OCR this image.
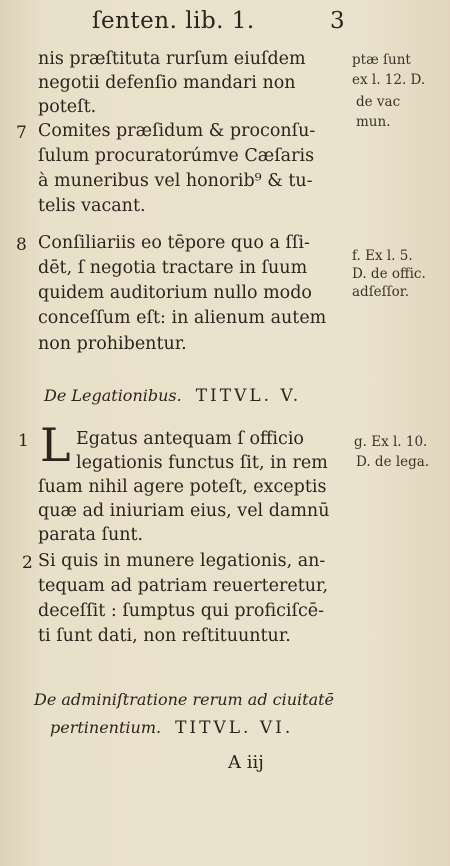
ſenten. lib. 1.	3
nis præſtituta rurſum eiuſdem
negotii defenſio mandari non
poteſt.
Comites præſidum & proconſu-
ſulum procuratorúmve Cæſaris
à muneribus vel honorib⁹ & tu-
telis vacant.
Conſiliariis eo tēpore quo a ſſi-
dēt, ſ negotia tractare in ſuum
quidem auditorium nullo modo
conceſſum eſt: in alienum autem
non prohibentur.
Egatus antequam ſ officio
legationis functus ſit, in rem
ſuam nihil agere poteſt, exceptis
quæ ad iniuriam eius, vel damnū
parata ſunt.
Si quis in munere legationis, an-
tequam ad patriam reuerteretur,
deceſſit : ſumptus qui proficiſcē-
ti ſunt dati, non reſtituuntur.
7
8
1
2
L
ptæ ſunt
ex l. 12. D.
de vac
mun.
f. Ex l. 5.
D. de offic.
adſeſſor.
g. Ex l. 10.
D. de lega.
De Legationibus. TITVL. V.
De adminiſtratione rerum ad ciuitatē
pertinentium. TITVL. VI.
A iij
